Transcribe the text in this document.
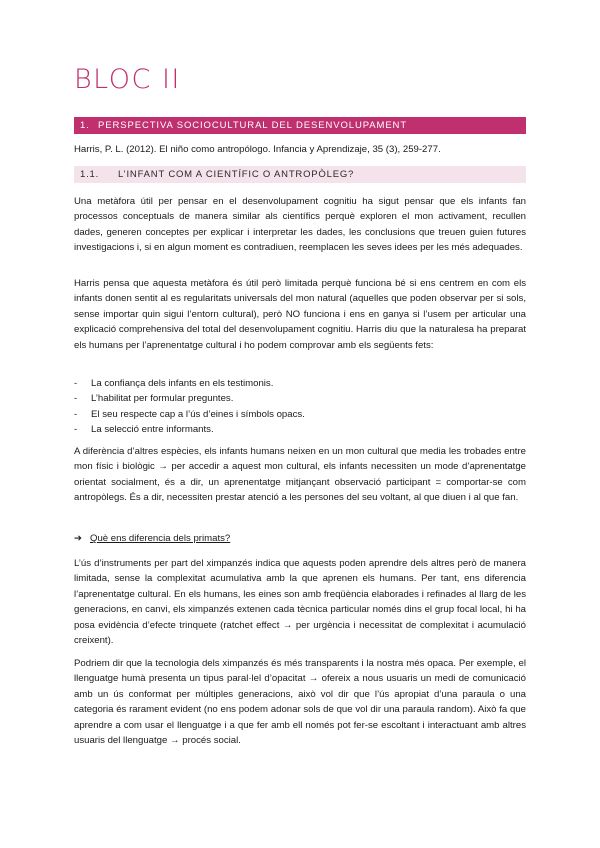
BLOC II
1. PERSPECTIVA SOCIOCULTURAL DEL DESENVOLUPAMENT
Harris, P. L. (2012). El niño como antropólogo. Infancia y Aprendizaje, 35 (3), 259-277.
1.1. L’INFANT COM A CIENTÍFIC O ANTROPÒLEG?

Una metàfora útil per pensar en el desenvolupament cognitiu ha sigut pensar que els infants fan processos conceptuals de manera similar als científics perquè exploren el mon activament, recullen dades, generen conceptes per explicar i interpretar les dades, les conclusions que treuen guien futures investigacions i, si en algun moment es contradiuen, reemplacen les seves idees per les més adequades.

Harris pensa que aquesta metàfora és útil però limitada perquè funciona bé si ens centrem en com els infants donen sentit al es regularitats universals del mon natural (aquelles que poden observar per si sols, sense importar quin sigui l’entorn cultural), però NO funciona i ens en ganya si l’usem per articular una explicació comprehensiva del total del desenvolupament cognitiu. Harris diu que la naturalesa ha preparat els humans per l’aprenentatge cultural i ho podem comprovar amb els següents fets:

- La confiança dels infants en els testimonis.
- L’habilitat per formular preguntes.
- El seu respecte cap a l’ús d’eines i símbols opacs.
- La selecció entre informants.

A diferència d’altres espècies, els infants humans neixen en un mon cultural que media les trobades entre mon físic i biològic → per accedir a aquest mon cultural, els infants necessiten un mode d’aprenentatge orientat socialment, és a dir, un aprenentatge mitjançant observació participant = comportar-se com antropòlegs. És a dir, necessiten prestar atenció a les persones del seu voltant, al que diuen i al que fan.

➔ Què ens diferencia dels primats?

L’ús d’instruments per part del ximpanzés indica que aquests poden aprendre dels altres però de manera limitada, sense la complexitat acumulativa amb la que aprenen els humans. Per tant, ens diferencia l’aprenentatge cultural. En els humans, les eines son amb freqüència elaborades i refinades al llarg de les generacions, en canvi, els ximpanzés extenen cada tècnica particular només dins el grup focal local, hi ha posa evidència d’efecte trinquete (ratchet effect → per urgència i necessitat de complexitat i acumulació creixent).

Podriem dir que la tecnologia dels ximpanzés és més transparents i la nostra més opaca. Per exemple, el llenguatge humà presenta un tipus paral·lel d’opacitat → ofereix a nous usuaris un medi de comunicació amb un ús conformat per múltiples generacions, això vol dir que l’ús apropiat d’una paraula o una categoria és rarament evident (no ens podem adonar sols de que vol dir una paraula random). Això fa que aprendre a com usar el llenguatge i a que fer amb ell només pot fer-se escoltant i interactuant amb altres usuaris del llenguatge → procés social.
